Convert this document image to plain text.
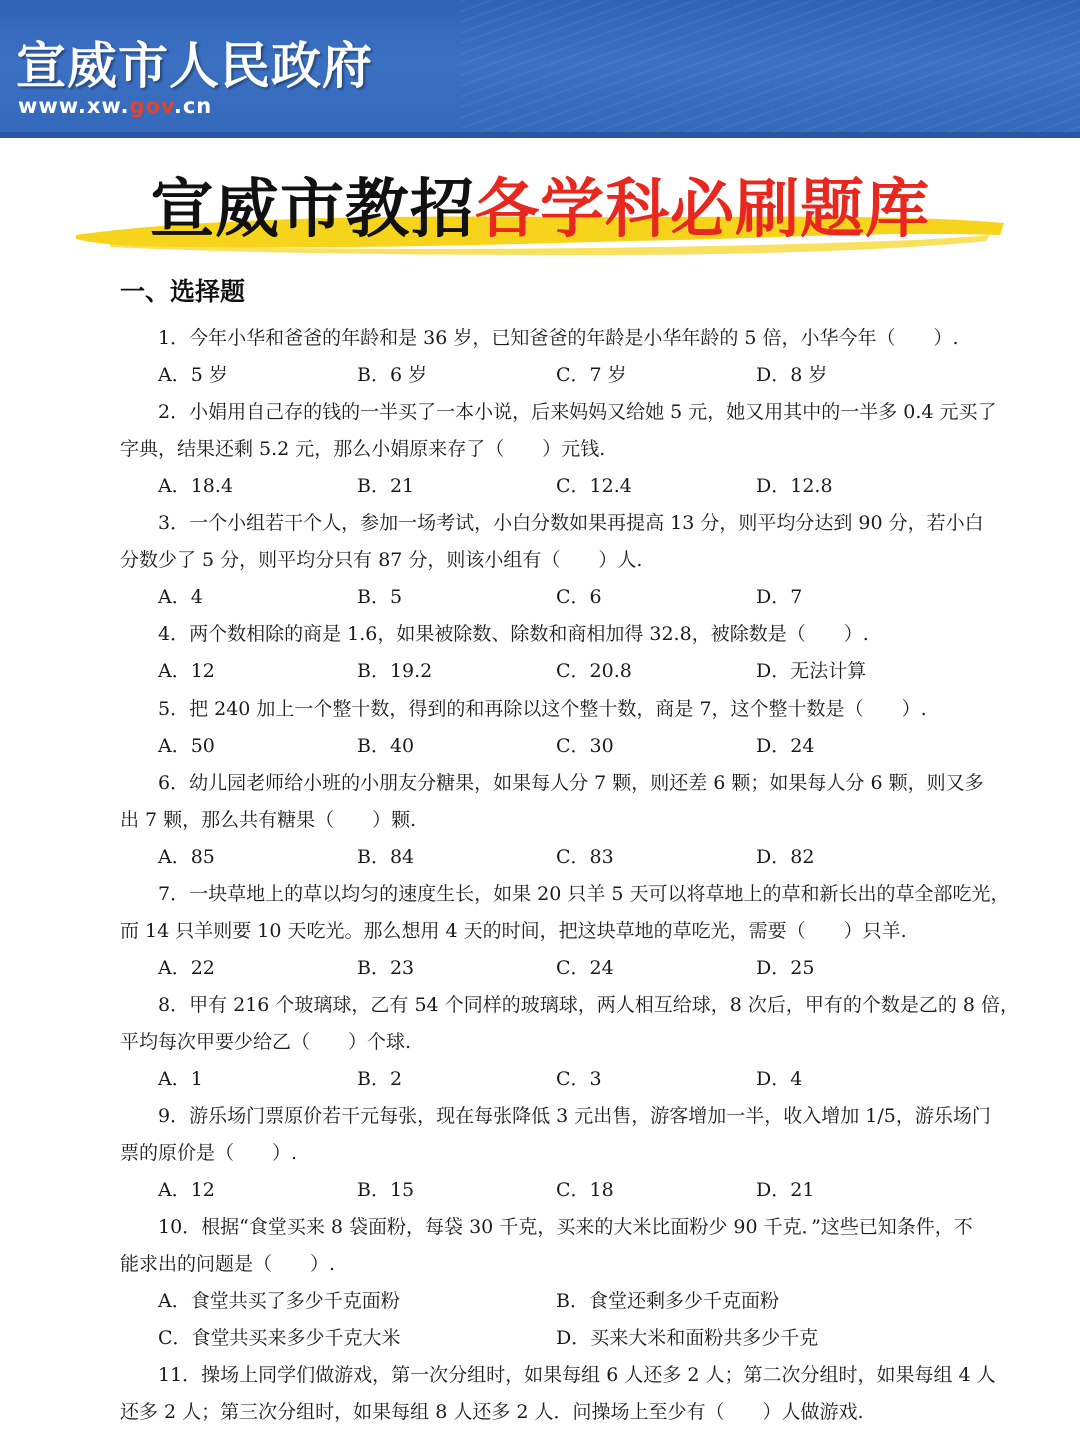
宣威市人民政府
www.xw.gov.cn
宣威市教招各学科必刷题库
一、选择题
1．今年小华和爸爸的年龄和是 36 岁，已知爸爸的年龄是小华年龄的 5 倍，小华今年（　　）.
A．5 岁	B．6 岁	C．7 岁	D．8 岁
2．小娟用自己存的钱的一半买了一本小说，后来妈妈又给她 5 元，她又用其中的一半多 0.4 元买了
字典，结果还剩 5.2 元，那么小娟原来存了（　　）元钱.
A．18.4	B．21	C．12.4	D．12.8
3．一个小组若干个人，参加一场考试，小白分数如果再提高 13 分，则平均分达到 90 分，若小白
分数少了 5 分，则平均分只有 87 分，则该小组有（　　）人.
A．4	B．5	C．6	D．7
4．两个数相除的商是 1.6，如果被除数、除数和商相加得 32.8，被除数是（　　）.
A．12	B．19.2	C．20.8	D．无法计算
5．把 240 加上一个整十数，得到的和再除以这个整十数，商是 7，这个整十数是（　　）.
A．50	B．40	C．30	D．24
6．幼儿园老师给小班的小朋友分糖果，如果每人分 7 颗，则还差 6 颗；如果每人分 6 颗，则又多
出 7 颗，那么共有糖果（　　）颗.
A．85	B．84	C．83	D．82
7．一块草地上的草以均匀的速度生长，如果 20 只羊 5 天可以将草地上的草和新长出的草全部吃光，
而 14 只羊则要 10 天吃光。那么想用 4 天的时间，把这块草地的草吃光，需要（　　）只羊.
A．22	B．23	C．24	D．25
8．甲有 216 个玻璃球，乙有 54 个同样的玻璃球，两人相互给球，8 次后，甲有的个数是乙的 8 倍，
平均每次甲要少给乙（　　）个球.
A．1	B．2	C．3	D．4
9．游乐场门票原价若干元每张，现在每张降低 3 元出售，游客增加一半，收入增加 1/5，游乐场门
票的原价是（　　）.
A．12	B．15	C．18	D．21
10．根据“食堂买来 8 袋面粉，每袋 30 千克，买来的大米比面粉少 90 千克．”这些已知条件，不
能求出的问题是（　　）.
A．食堂共买了多少千克面粉	B．食堂还剩多少千克面粉
C．食堂共买来多少千克大米	D．买来大米和面粉共多少千克
11．操场上同学们做游戏，第一次分组时，如果每组 6 人还多 2 人；第二次分组时，如果每组 4 人
还多 2 人；第三次分组时，如果每组 8 人还多 2 人．问操场上至少有（　　）人做游戏.
